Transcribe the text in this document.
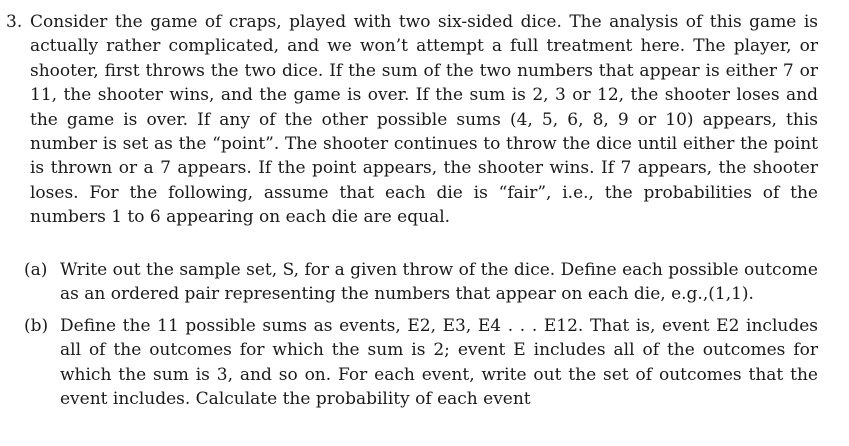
3. Consider the game of craps, played with two six-sided dice. The analysis of this game is actually rather complicated, and we won’t attempt a full treatment here. The player, or shooter, first throws the two dice. If the sum of the two numbers that appear is either 7 or 11, the shooter wins, and the game is over. If the sum is 2, 3 or 12, the shooter loses and the game is over. If any of the other possible sums (4, 5, 6, 8, 9 or 10) appears, this number is set as the “point”. The shooter continues to throw the dice until either the point is thrown or a 7 appears. If the point appears, the shooter wins. If 7 appears, the shooter loses. For the following, assume that each die is “fair”, i.e., the probabilities of the numbers 1 to 6 appearing on each die are equal.
(a) Write out the sample set, S, for a given throw of the dice. Define each possible outcome as an ordered pair representing the numbers that appear on each die, e.g.,(1,1).
(b) Define the 11 possible sums as events, E2, E3, E4 . . . E12. That is, event E2 includes all of the outcomes for which the sum is 2; event E includes all of the outcomes for which the sum is 3, and so on. For each event, write out the set of outcomes that the event includes. Calculate the probability of each event
